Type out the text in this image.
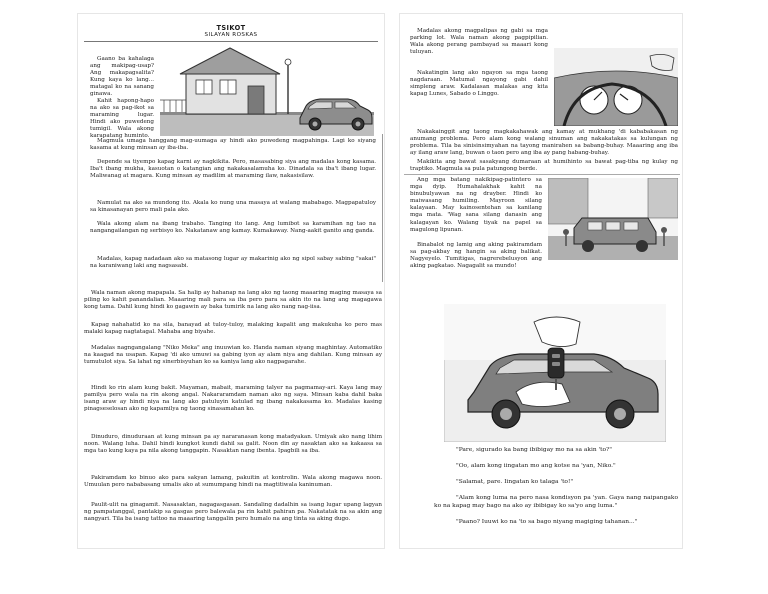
TSIKOT

SILAYAN ROSKAS

Gaano ba kahalaga ang makipag-usap? Ang makapagsalita? Kung kaya ko lang... matagal ko na sanang ginawa.

Kahit hapong-hapo na ako sa pag-ikot sa maraming lugar. Hindi ako puwedeng tumigil. Wala akong karapatang huminto.

Magmula umaga hanggang mag-uumaga ay hindi ako puwedeng magpahinga. Lagi ko siyang kasama at kung minsan ay iba-iba.

Depende sa tiyempo kapag karni ay nagkikita. Pero, masasabing siya ang madalas kong kasama. Iba't ibang mukha, kasuotan o katangian ang nakakasalamuha ko. Dinadala sa iba't ibang lugar. Maliwanag at magara. Kung minsan ay madilim at maraming ilaw, nakasisilaw.

Namulat na ako sa mundong ito. Akala ko nung una masaya at walang mababago. Magpapatuloy sa kinasanayan pero mali pala ako.

Wala akong alam na ibang trabaho. Tanging ito lang. Ang lumibot sa karamihan ng tao na nangangailangan ng serbisyo ko. Nakatanaw ang kamay. Kumakaway. Nang-aakit ganito ang ganda.

Madalas, kapag nadadaan ako sa matasong lugar ay makarinig ako ng sipol sabay sabing "sakai" na karaniwang laki ang nagsasabi.

Wala naman akong mapapala. Sa halip ay hahanap na lang ako ng taong maaaring maging masaya sa piling ko kahit panandalian. Maaaring mali para sa iba pero para sa akin ito na lang ang magagawa kong tama. Dahil kung hindi ko gagawin ay baka tumirik na lang ako nang nag-iisa.

Kapag nahahatid ko na sila, banayad at tuloy-tuloy, malaking kapalit ang makukuha ko pero mas malaki kapag nagtatagal. Mahaba ang biyahe.

Madalas nagngangalang "Niko Meka" ang inuuwian ko. Handa naman siyang maghintay. Automatiko na kaagad na usapan. Kapag 'di ako umuwi sa gabing iyon ay alam niya ang dahilan. Kung minsan ay tumutulot siya. Sa lahat ng sinerbisyuhan ko sa kaniya lang ako nagpagarahe.

Hindi ko rin alam kung bakit. Mayaman, mabait, maraming talyer na pagmamay-ari. Kaya lang may pamilya pero wala na rin akong angal. Nakararamdam naman ako ng saya. Minsan kaba dahil baka isang araw ay hindi niya na lang ako patuluyin katulad ng ibang nakakasama ko. Madalas kasing pinagseselosan ako ng kapamilya ng taong sinasamahan ko.

Dinuduro, dinuduraan at kung minsan pa ay nararanasan kong matadyakan. Umiyak ako nang lihim noon. Walang luha. Dahil hindi kungkot kundi dahil sa galit. Noon din ay nasaktan ako sa kakaasa sa mga tao kung kaya pa nila akong tanggapin. Nasaktan nang ibenta. Ipagbili sa iba.

Pakiramdam ko binuo ako para sakyan lamang, pakuitin at kontrolin. Wala akong magawa noon. Umuulan pero nababasang umalis ako at sumumpang hindi na magtitiwala kaninuman.

Paulit-ulit na ginagamit. Nasasaktan, nagagasgasan. Sandaling dadalhin sa isang lugar upang lagyan ng pampatanggal, pantakip sa gasgas pero balewala pa rin kahit pahiran pa. Nakatatak na sa akin ang nangyari. Tila ba isang tattoo na maaaring tanggalin pero humalo na ang tinta sa aking dugo.

Madalas akong magpalipas ng gabi sa mga parking lot. Wala naman akong pagpipilian. Wala akong perang pambayad sa maaari kong tuluyan.

Nakatingin lang ako ngayon sa mga taong nagdaraan. Matumal ngayong gabi dahil simpleng araw. Kadalasan malakas ang kita kapag Lunes, Sabado o Linggo.

Nakakainggit ang taong magkakahawak ang kamay at mukhang 'di kababakasan ng anumang problema. Pero alam kong walang sinuman ang nakakatakas sa kulungan ng problema. Tila ba sinisinsimyahan na tayong manirahen sa babang-buhay. Maaaring ang iba ay ilang araw lang, buwan o taon pero ang iba ay pang habang-buhay.

Makikita ang bawat sasakyang dumaraan at humihinto sa bawat pag-tiba ng kulay ng traptiko. Magmula sa pula patungong berde.

Ang mga batang nakikipag-patintero sa mga dyip. Humahalakhak kahit na binubulyawan na ng drayber. Hindi ko maiwasang humiling. Mayroon silang kalayaan. May kainosentehan sa kanilang mga mata. 'Wag sana silang danasin ang kalagayan ko. Walang tiyak na papel sa magulong lipunan.

Binabalot ng lamig ang aking pakiramdam sa pag-akbay ng hangin sa aking balikat. Nagyeyelo. Tumitigas, nagrerebelusyon ang aking pagkatao. Nagagalit sa mundo!

"Pare, sigurado ka bang ibibigay mo na sa akin 'to?"

"Oo, alam kong iingatan mo ang kotse na 'yan, Niko."

"Salamat, pare. Iingatan ko talaga 'to!"

"Alam kong luma na pero nasa kondisyon pa 'yan. Gaya nang naipangako ko na kapag may bago na ako ay ibibigay ko sa'yo ang luma."

"Paano? Iuuwi ko na 'to sa bago niyang magiging tahanan..."
